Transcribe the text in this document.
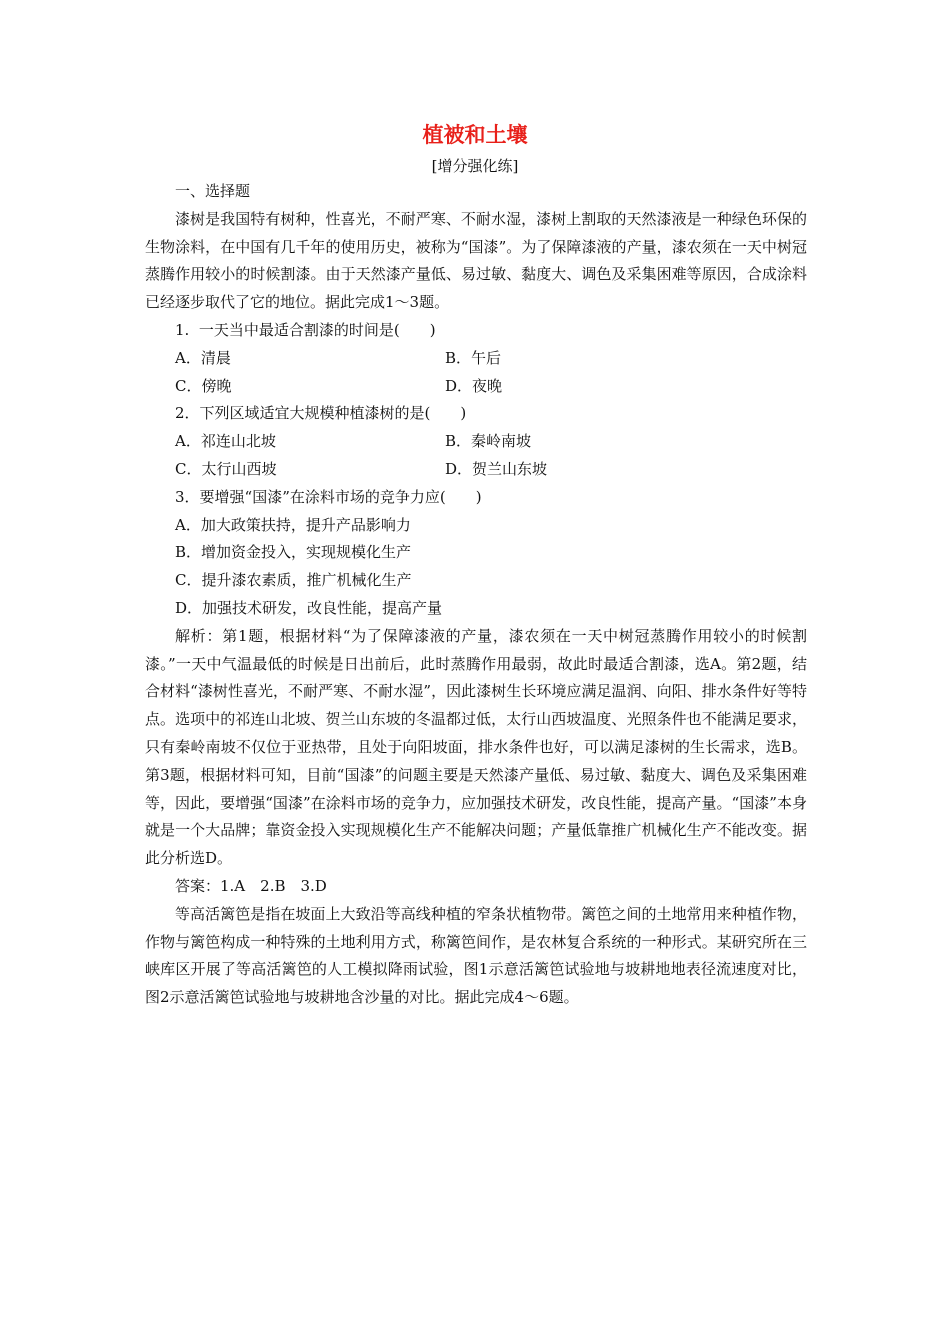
植被和土壤
[增分强化练]
一、选择题

漆树是我国特有树种，性喜光，不耐严寒、不耐水湿，漆树上割取的天然漆液是一种绿色环保的生物涂料，在中国有几千年的使用历史，被称为“国漆”。为了保障漆液的产量，漆农须在一天中树冠蒸腾作用较小的时候割漆。由于天然漆产量低、易过敏、黏度大、调色及采集困难等原因，合成涂料已经逐步取代了它的地位。据此完成1～3题。

1.  一天当中最适合割漆的时间是(　　)
A．清晨	B．午后
C．傍晚	D．夜晚
2．下列区域适宜大规模种植漆树的是(　　)
A．祁连山北坡	B．秦岭南坡
C．太行山西坡	D．贺兰山东坡
3．要增强“国漆”在涂料市场的竞争力应(　　)
A．加大政策扶持，提升产品影响力
B．增加资金投入，实现规模化生产
C．提升漆农素质，推广机械化生产
D．加强技术研发，改良性能，提高产量

解析：第1题，根据材料“为了保障漆液的产量，漆农须在一天中树冠蒸腾作用较小的时候割漆。”一天中气温最低的时候是日出前后，此时蒸腾作用最弱，故此时最适合割漆，选A。第2题，结合材料“漆树性喜光，不耐严寒、不耐水湿”，因此漆树生长环境应满足温润、向阳、排水条件好等特点。选项中的祁连山北坡、贺兰山东坡的冬温都过低，太行山西坡温度、光照条件也不能满足要求，只有秦岭南坡不仅位于亚热带，且处于向阳坡面，排水条件也好，可以满足漆树的生长需求，选B。第3题，根据材料可知，目前“国漆”的问题主要是天然漆产量低、易过敏、黏度大、调色及采集困难等，因此，要增强“国漆”在涂料市场的竞争力，应加强技术研发，改良性能，提高产量。“国漆”本身就是一个大品牌；靠资金投入实现规模化生产不能解决问题；产量低靠推广机械化生产不能改变。据此分析选D。

答案：1.A　2.B　3.D

等高活篱笆是指在坡面上大致沿等高线种植的窄条状植物带。篱笆之间的土地常用来种植作物，作物与篱笆构成一种特殊的土地利用方式，称篱笆间作，是农林复合系统的一种形式。某研究所在三峡库区开展了等高活篱笆的人工模拟降雨试验，图1示意活篱笆试验地与坡耕地地表径流速度对比，图2示意活篱笆试验地与坡耕地含沙量的对比。据此完成4～6题。
